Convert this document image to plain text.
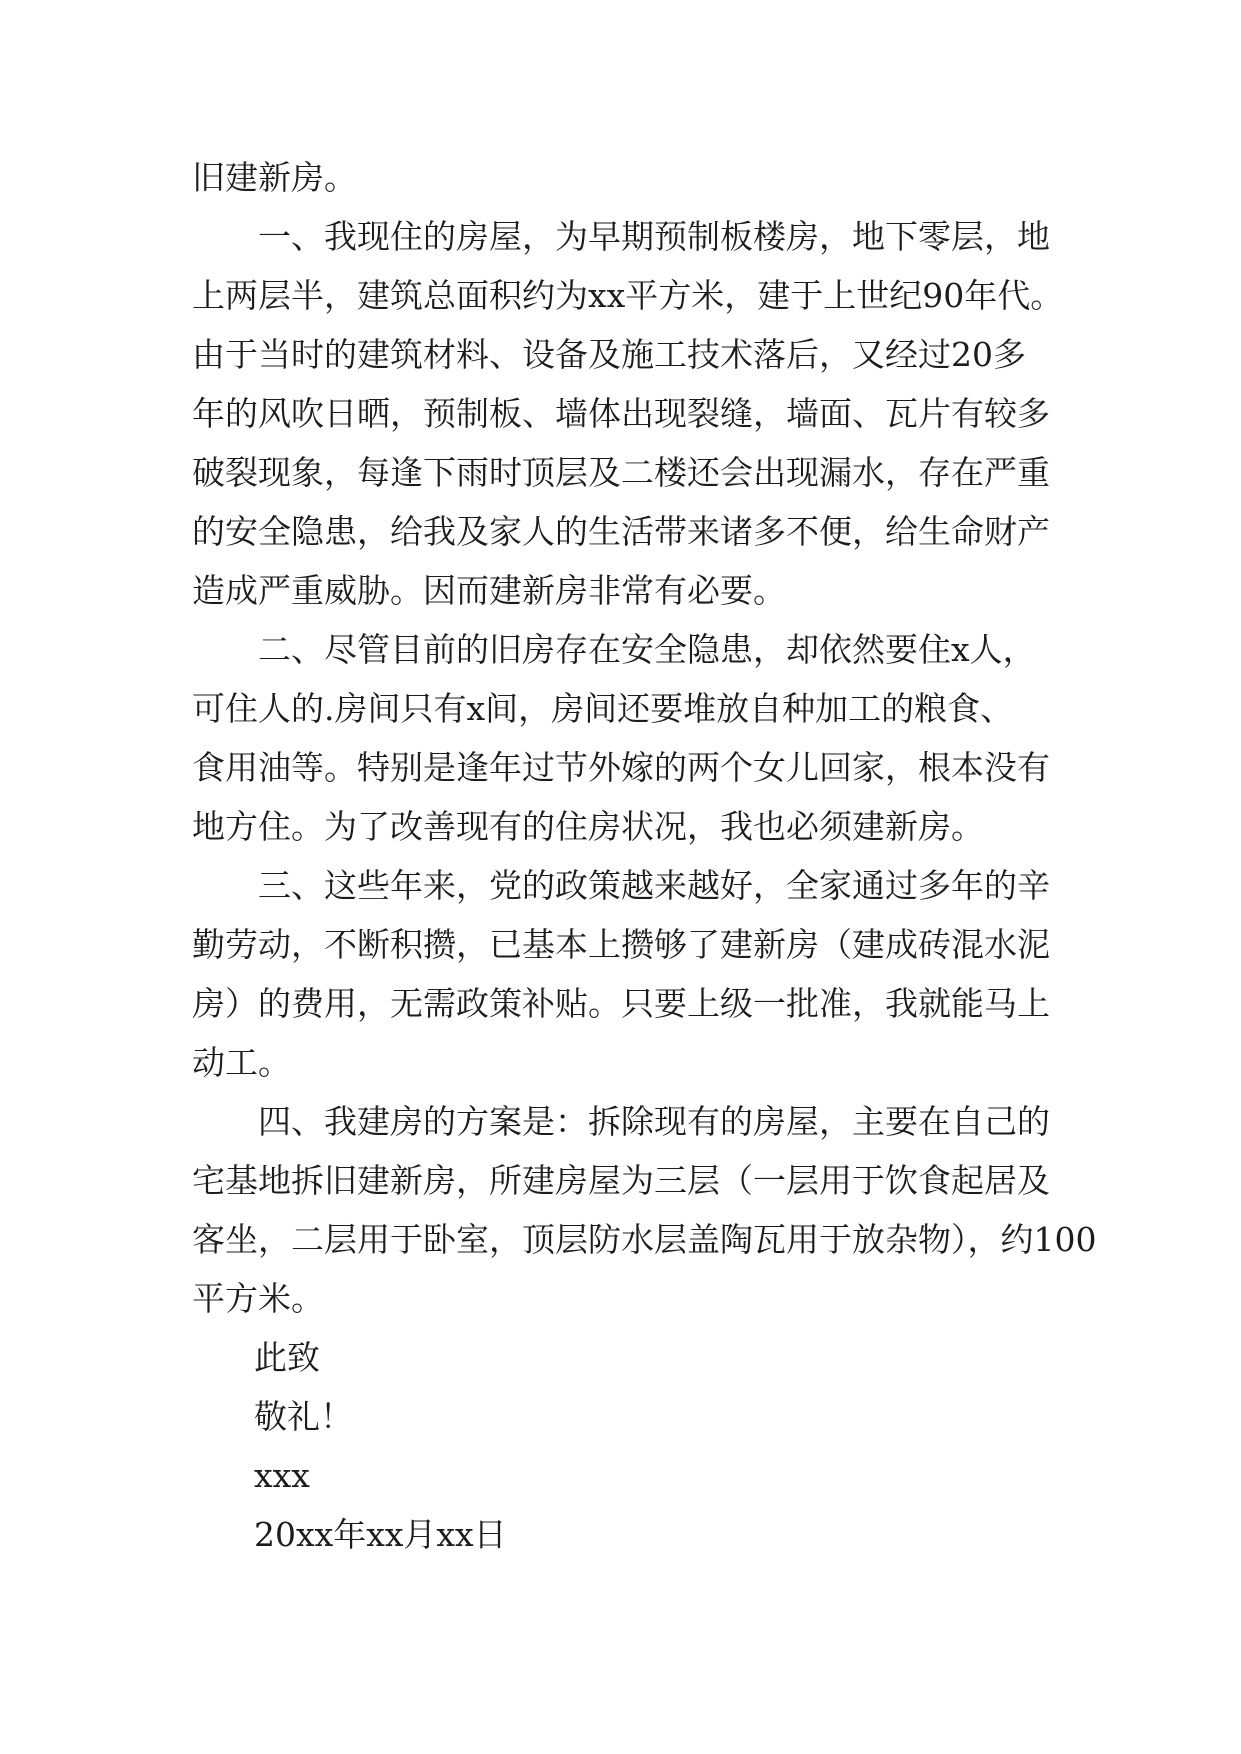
旧建新房。

一、我现住的房屋，为早期预制板楼房，地下零层，地
上两层半，建筑总面积约为xx平方米，建于上世纪90年代。
由于当时的建筑材料、设备及施工技术落后，又经过20多
年的风吹日晒，预制板、墙体出现裂缝，墙面、瓦片有较多
破裂现象，每逢下雨时顶层及二楼还会出现漏水，存在严重
的安全隐患，给我及家人的生活带来诸多不便，给生命财产
造成严重威胁。因而建新房非常有必要。

二、尽管目前的旧房存在安全隐患，却依然要住x人，
可住人的.房间只有x间，房间还要堆放自种加工的粮食、
食用油等。特别是逢年过节外嫁的两个女儿回家，根本没有
地方住。为了改善现有的住房状况，我也必须建新房。

三、这些年来，党的政策越来越好，全家通过多年的辛
勤劳动，不断积攒，已基本上攒够了建新房（建成砖混水泥
房）的费用，无需政策补贴。只要上级一批准，我就能马上
动工。

四、我建房的方案是：拆除现有的房屋，主要在自己的
宅基地拆旧建新房，所建房屋为三层（一层用于饮食起居及
客坐，二层用于卧室，顶层防水层盖陶瓦用于放杂物），约100
平方米。

此致
敬礼！
xxx
20xx年xx月xx日
